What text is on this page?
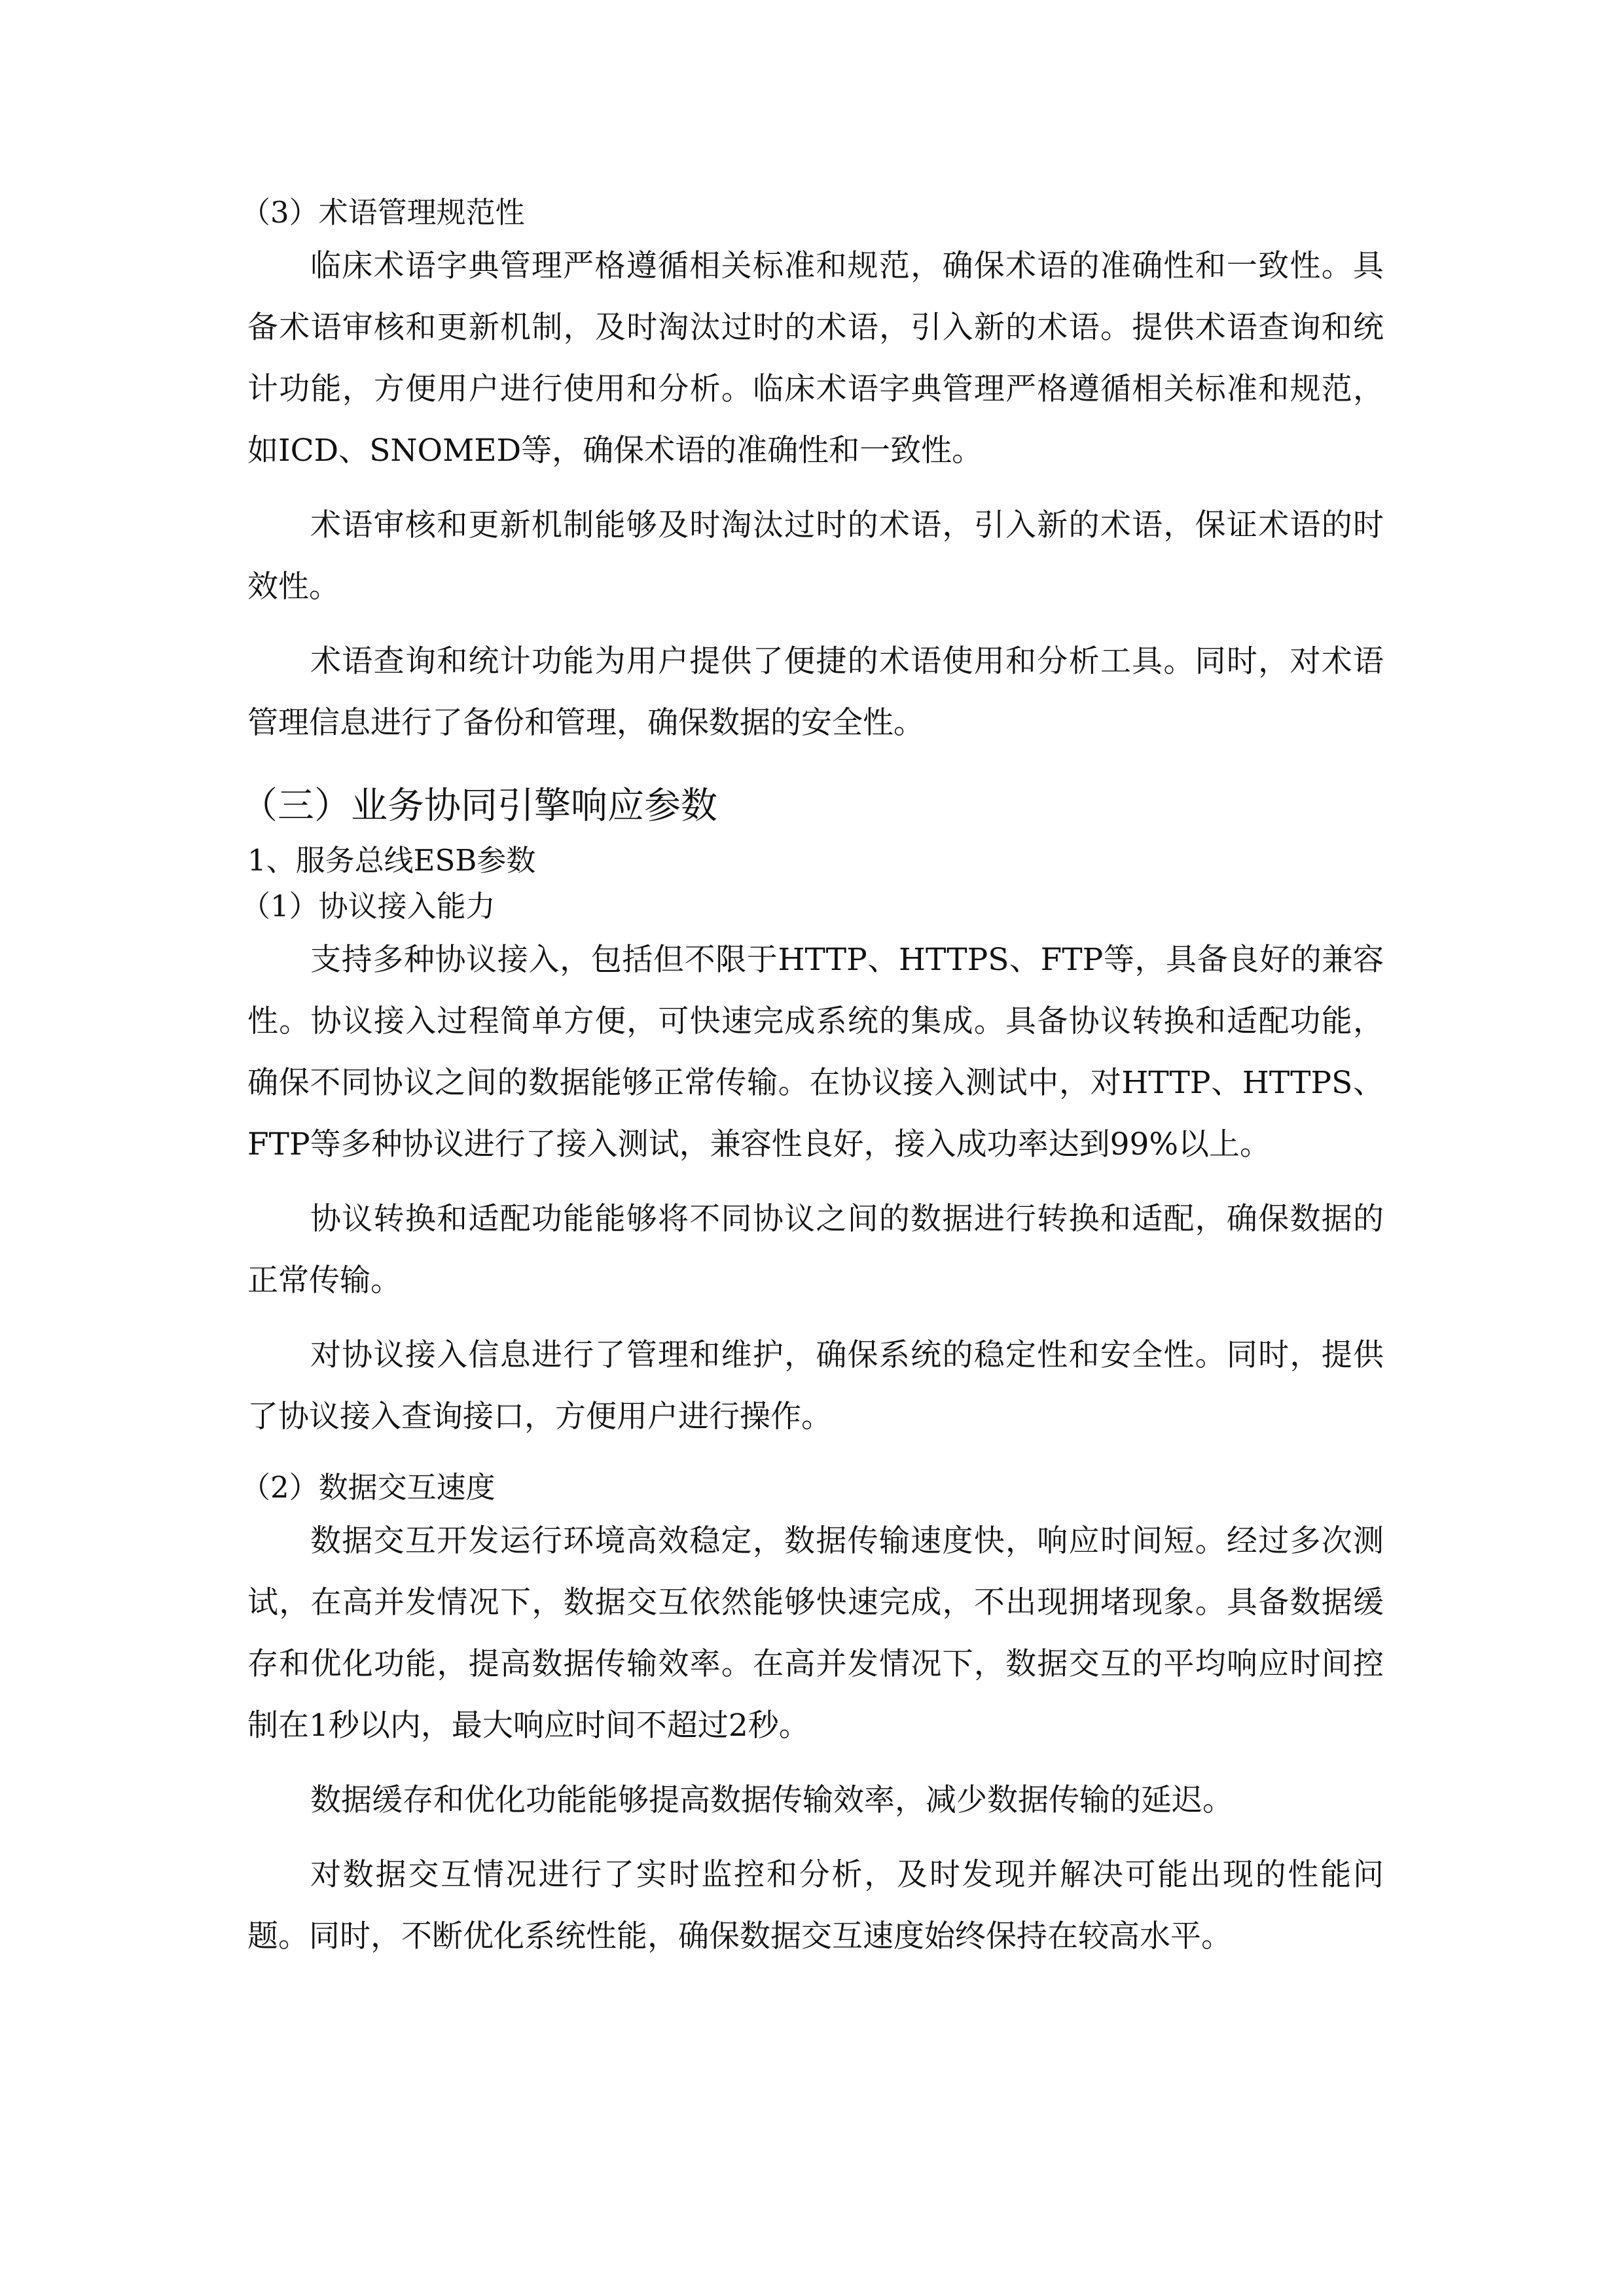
（3）术语管理规范性

临床术语字典管理严格遵循相关标准和规范，确保术语的准确性和一致性。具备术语审核和更新机制，及时淘汰过时的术语，引入新的术语。提供术语查询和统计功能，方便用户进行使用和分析。临床术语字典管理严格遵循相关标准和规范，如ICD、SNOMED等，确保术语的准确性和一致性。

术语审核和更新机制能够及时淘汰过时的术语，引入新的术语，保证术语的时效性。

术语查询和统计功能为用户提供了便捷的术语使用和分析工具。同时，对术语管理信息进行了备份和管理，确保数据的安全性。

（三）业务协同引擎响应参数
1、服务总线ESB参数
（1）协议接入能力

支持多种协议接入，包括但不限于HTTP、HTTPS、FTP等，具备良好的兼容性。协议接入过程简单方便，可快速完成系统的集成。具备协议转换和适配功能，确保不同协议之间的数据能够正常传输。在协议接入测试中，对HTTP、HTTPS、FTP等多种协议进行了接入测试，兼容性良好，接入成功率达到99%以上。

协议转换和适配功能能够将不同协议之间的数据进行转换和适配，确保数据的正常传输。

对协议接入信息进行了管理和维护，确保系统的稳定性和安全性。同时，提供了协议接入查询接口，方便用户进行操作。

（2）数据交互速度

数据交互开发运行环境高效稳定，数据传输速度快，响应时间短。经过多次测试，在高并发情况下，数据交互依然能够快速完成，不出现拥堵现象。具备数据缓存和优化功能，提高数据传输效率。在高并发情况下，数据交互的平均响应时间控制在1秒以内，最大响应时间不超过2秒。

数据缓存和优化功能能够提高数据传输效率，减少数据传输的延迟。

对数据交互情况进行了实时监控和分析，及时发现并解决可能出现的性能问题。同时，不断优化系统性能，确保数据交互速度始终保持在较高水平。
